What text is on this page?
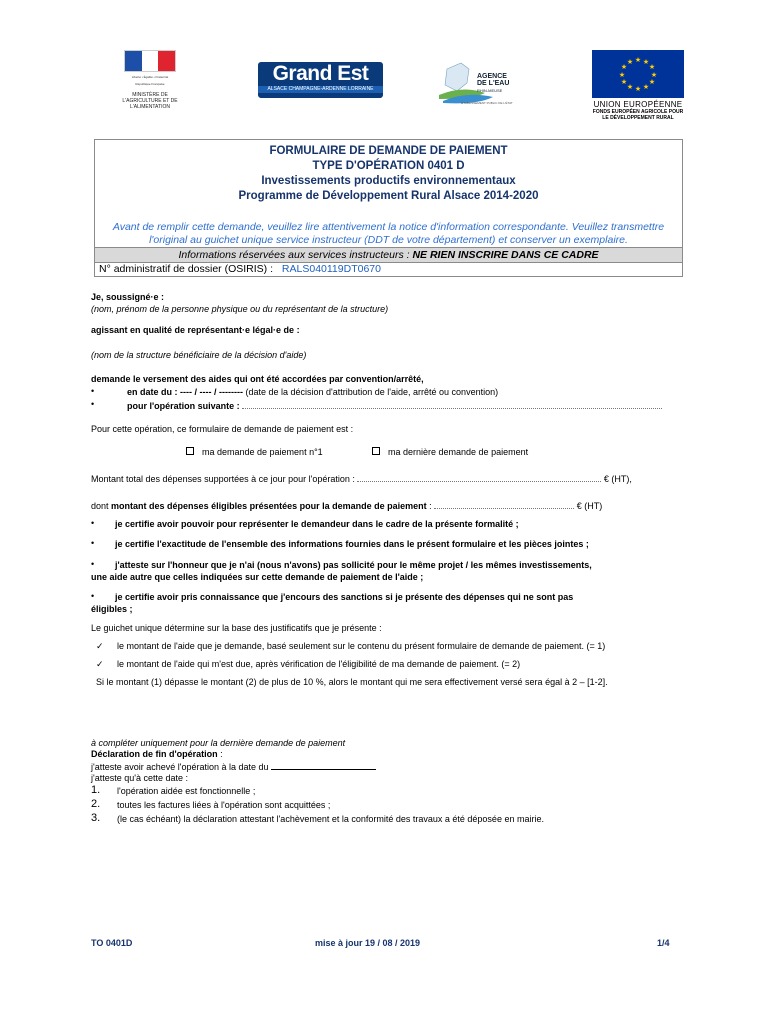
Liberté • Égalité • Fraternité
République Française
MINISTÈRE DE L'AGRICULTURE ET DE L'ALIMENTATION
Grand Est
ALSACE CHAMPAGNE-ARDENNE LORRAINE
AGENCE
DE L'EAU
RHIN-MEUSE
ÉTABLISSEMENT PUBLIC DE L'ÉTAT
★ ★
★
★
★
★
★
★
★
★
★
★
UNION EUROPÉENNE
FONDS EUROPÉEN AGRICOLE POUR LE DÉVELOPPEMENT RURAL
FORMULAIRE DE DEMANDE DE PAIEMENT
TYPE D'OPÉRATION 0401 D
Investissements productifs environnementaux
Programme de Développement Rural Alsace 2014-2020
Avant de remplir cette demande, veuillez lire attentivement la notice d'information correspondante. Veuillez transmettre
l'original au guichet unique service instructeur (DDT de votre département) et conserver un exemplaire.
Informations réservées aux services instructeurs : NE RIEN INSCRIRE DANS CE CADRE
N° administratif de dossier (OSIRIS) : RALS040119DT0670
Je, soussigné·e :
(nom, prénom de la personne physique ou du représentant de la structure)
agissant en qualité de représentant·e légal·e de :
(nom de la structure bénéficiaire de la décision d'aide)
demande le versement des aides qui ont été accordées par convention/arrêté,
•	en date du : ---- / ---- / -------- (date de la décision d'attribution de l'aide, arrêté ou convention)
•	pour l'opération suivante :
Pour cette opération, ce formulaire de demande de paiement est :
ma demande de paiement n°1	ma dernière demande de paiement
Montant total des dépenses supportées à ce jour pour l'opération :	€ (HT),
dont montant des dépenses éligibles présentées pour la demande de paiement :	€ (HT)
• je certifie avoir pouvoir pour représenter le demandeur dans le cadre de la présente formalité ;
• je certifie l'exactitude de l'ensemble des informations fournies dans le présent formulaire et les pièces jointes ;
• j'atteste sur l'honneur que je n'ai (nous n'avons) pas sollicité pour le même projet / les mêmes investissements,
une aide autre que celles indiquées sur cette demande de paiement de l'aide ;
• je certifie avoir pris connaissance que j'encours des sanctions si je présente des dépenses qui ne sont pas
éligibles ;
Le guichet unique détermine sur la base des justificatifs que je présente :
✓ le montant de l'aide que je demande, basé seulement sur le contenu du présent formulaire de demande de paiement. (= 1)
✓ le montant de l'aide qui m'est due, après vérification de l'éligibilité de ma demande de paiement. (= 2)
Si le montant (1) dépasse le montant (2) de plus de 10 %, alors le montant qui me sera effectivement versé sera égal à 2 – [1-2].
à compléter uniquement pour la dernière demande de paiement
Déclaration de fin d'opération :
j'atteste avoir achevé l'opération à la date du
j'atteste qu'à cette date :
1. l'opération aidée est fonctionnelle ;
2. toutes les factures liées à l'opération sont acquittées ;
3. (le cas échéant) la déclaration attestant l'achèvement et la conformité des travaux a été déposée en mairie.
TO 0401D	mise à jour 19 / 08 / 2019	1/4
